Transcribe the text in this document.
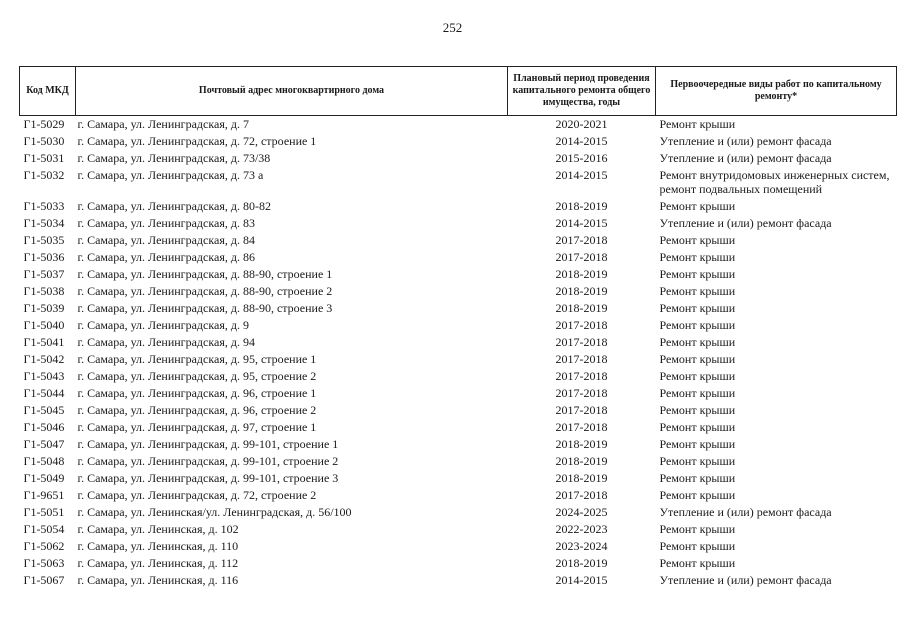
252
Код МКД	Почтовый адрес многоквартирного дома	Плановый период проведения капитального ремонта общего имущества, годы	Первоочередные виды работ по капитальному ремонту*
Г1-5029	г. Самара, ул. Ленинградская, д. 7	2020-2021	Ремонт крыши
Г1-5030	г. Самара, ул. Ленинградская, д. 72, строение 1	2014-2015	Утепление и (или) ремонт фасада
Г1-5031	г. Самара, ул. Ленинградская, д. 73/38	2015-2016	Утепление и (или) ремонт фасада
Г1-5032	г. Самара, ул. Ленинградская, д. 73 а	2014-2015	Ремонт внутридомовых инженерных систем, ремонт подвальных помещений
Г1-5033	г. Самара, ул. Ленинградская, д. 80-82	2018-2019	Ремонт крыши
Г1-5034	г. Самара, ул. Ленинградская, д. 83	2014-2015	Утепление и (или) ремонт фасада
Г1-5035	г. Самара, ул. Ленинградская, д. 84	2017-2018	Ремонт крыши
Г1-5036	г. Самара, ул. Ленинградская, д. 86	2017-2018	Ремонт крыши
Г1-5037	г. Самара, ул. Ленинградская, д. 88-90, строение 1	2018-2019	Ремонт крыши
Г1-5038	г. Самара, ул. Ленинградская, д. 88-90, строение 2	2018-2019	Ремонт крыши
Г1-5039	г. Самара, ул. Ленинградская, д. 88-90, строение 3	2018-2019	Ремонт крыши
Г1-5040	г. Самара, ул. Ленинградская, д. 9	2017-2018	Ремонт крыши
Г1-5041	г. Самара, ул. Ленинградская, д. 94	2017-2018	Ремонт крыши
Г1-5042	г. Самара, ул. Ленинградская, д. 95, строение 1	2017-2018	Ремонт крыши
Г1-5043	г. Самара, ул. Ленинградская, д. 95, строение 2	2017-2018	Ремонт крыши
Г1-5044	г. Самара, ул. Ленинградская, д. 96, строение 1	2017-2018	Ремонт крыши
Г1-5045	г. Самара, ул. Ленинградская, д. 96, строение 2	2017-2018	Ремонт крыши
Г1-5046	г. Самара, ул. Ленинградская, д. 97, строение 1	2017-2018	Ремонт крыши
Г1-5047	г. Самара, ул. Ленинградская, д. 99-101, строение 1	2018-2019	Ремонт крыши
Г1-5048	г. Самара, ул. Ленинградская, д. 99-101, строение 2	2018-2019	Ремонт крыши
Г1-5049	г. Самара, ул. Ленинградская, д. 99-101, строение 3	2018-2019	Ремонт крыши
Г1-9651	г. Самара, ул. Ленинградская, д. 72, строение 2	2017-2018	Ремонт крыши
Г1-5051	г. Самара, ул. Ленинская/ул. Ленинградская, д. 56/100	2024-2025	Утепление и (или) ремонт фасада
Г1-5054	г. Самара, ул. Ленинская, д. 102	2022-2023	Ремонт крыши
Г1-5062	г. Самара, ул. Ленинская, д. 110	2023-2024	Ремонт крыши
Г1-5063	г. Самара, ул. Ленинская, д. 112	2018-2019	Ремонт крыши
Г1-5067	г. Самара, ул. Ленинская, д. 116	2014-2015	Утепление и (или) ремонт фасада
